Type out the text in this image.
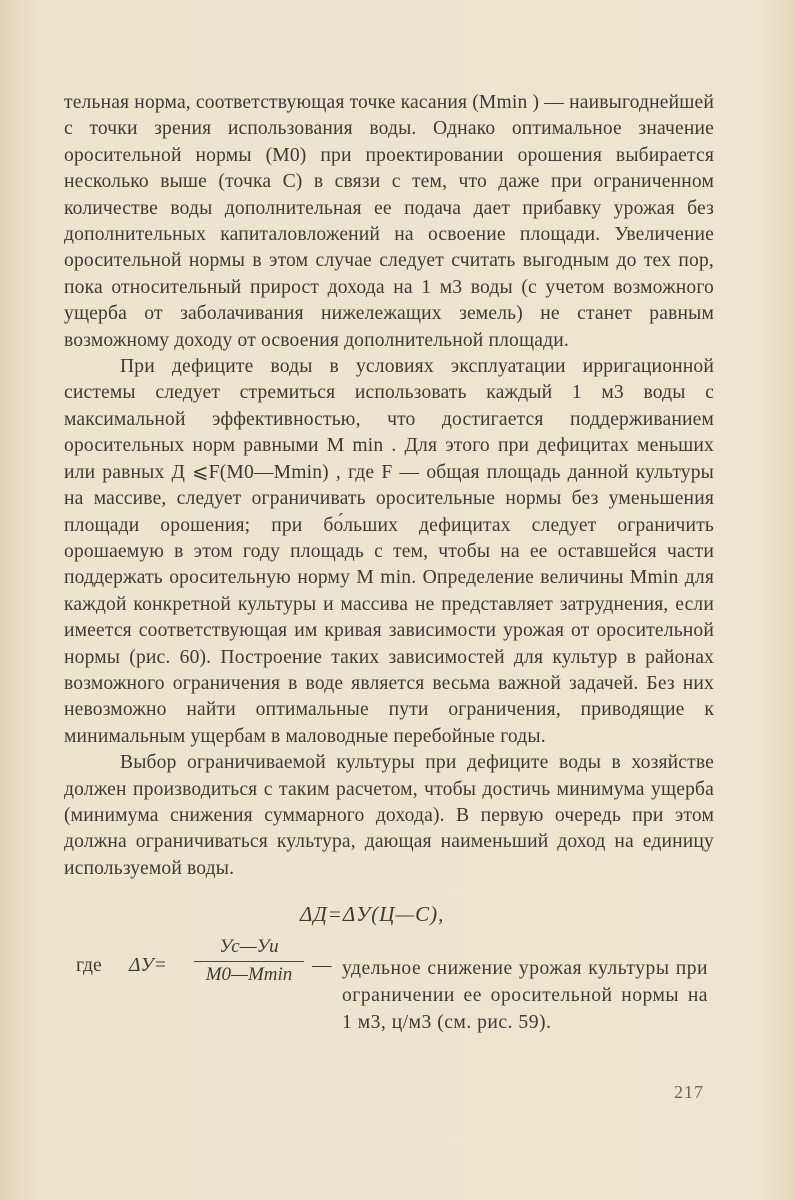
тельная норма, соответствующая точке касания (Mmin ) — наивыгоднейшей с точки зрения использования воды. Однако оптимальное значение оросительной нормы (M0) при проектировании орошения выбирается несколько выше (точка С) в связи с тем, что даже при ограниченном количестве воды дополнительная ее подача дает прибавку урожая без дополнительных капиталовложений на освоение площади. Увеличение оросительной нормы в этом случае следует считать выгодным до тех пор, пока относительный прирост дохода на 1 м3 воды (с учетом возможного ущерба от заболачивания нижележащих земель) не станет равным возможному доходу от освоения дополнительной площади.

При дефиците воды в условиях эксплуатации ирригационной системы следует стремиться использовать каждый 1 м3 воды с максимальной эффективностью, что достигается поддерживанием оросительных норм равными M min . Для этого при дефицитах меньших или равных Д ⩽F(M0—Mmin) , где F — общая площадь данной культуры на массиве, следует ограничивать оросительные нормы без уменьшения площади орошения; при бо́льших дефицитах следует ограничить орошаемую в этом году площадь с тем, чтобы на ее оставшейся части поддержать оросительную норму M min. Определение величины Mmin для каждой конкретной культуры и массива не представляет затруднения, если имеется соответствующая им кривая зависимости урожая от оросительной нормы (рис. 60). Построение таких зависимостей для культур в районах возможного ограничения в воде является весьма важной задачей. Без них невозможно найти оптимальные пути ограничения, приводящие к минимальным ущербам в маловодные перебойные годы.

Выбор ограничиваемой культуры при дефиците воды в хозяйстве должен производиться с таким расчетом, чтобы достичь минимума ущерба (минимума снижения суммарного дохода). В первую очередь при этом должна ограничиваться культура, дающая наименьший доход на единицу используемой воды.

ΔД=ΔУ(Ц—С),
где ΔУ=
Ус—Уи
M0—Mmin	— удельное снижение урожая культуры при ограничении ее оросительной нормы на 1 м3, ц/м3 (см. рис. 59).
217
